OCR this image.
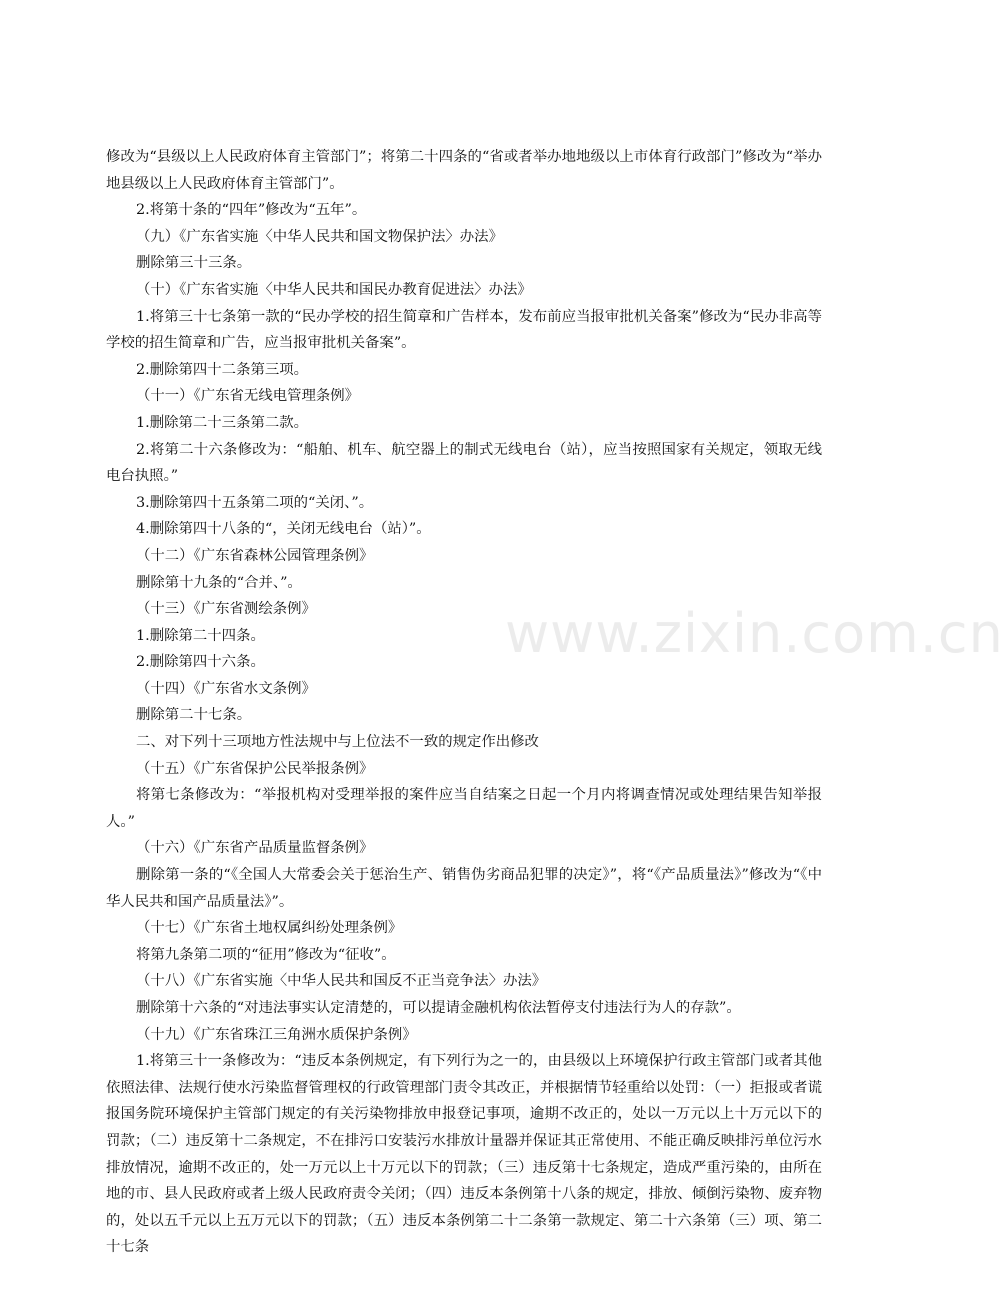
修改为“县级以上人民政府体育主管部门”；将第二十四条的“省或者举办地地级以上市体育行政部门”修改为“举办地县级以上人民政府体育主管部门”。

2.将第十条的“四年”修改为“五年”。

（九）《广东省实施〈中华人民共和国文物保护法〉办法》

删除第三十三条。

（十）《广东省实施〈中华人民共和国民办教育促进法〉办法》

1.将第三十七条第一款的“民办学校的招生简章和广告样本，发布前应当报审批机关备案”修改为“民办非高等学校的招生简章和广告，应当报审批机关备案”。

2.删除第四十二条第三项。

（十一）《广东省无线电管理条例》

1.删除第二十三条第二款。

2.将第二十六条修改为：“船舶、机车、航空器上的制式无线电台（站），应当按照国家有关规定，领取无线电台执照。”

3.删除第四十五条第二项的“关闭、”。

4.删除第四十八条的“，关闭无线电台（站）”。

（十二）《广东省森林公园管理条例》

删除第十九条的“合并、”。

（十三）《广东省测绘条例》

1.删除第二十四条。

2.删除第四十六条。

（十四）《广东省水文条例》

删除第二十七条。

二、对下列十三项地方性法规中与上位法不一致的规定作出修改

（十五）《广东省保护公民举报条例》

将第七条修改为：“举报机构对受理举报的案件应当自结案之日起一个月内将调查情况或处理结果告知举报人。”

（十六）《广东省产品质量监督条例》

删除第一条的“《全国人大常委会关于惩治生产、销售伪劣商品犯罪的决定》”，将“《产品质量法》”修改为“《中华人民共和国产品质量法》”。

（十七）《广东省土地权属纠纷处理条例》

将第九条第二项的“征用”修改为“征收”。

（十八）《广东省实施〈中华人民共和国反不正当竞争法〉办法》

删除第十六条的“对违法事实认定清楚的，可以提请金融机构依法暂停支付违法行为人的存款”。

（十九）《广东省珠江三角洲水质保护条例》

1.将第三十一条修改为：“违反本条例规定，有下列行为之一的，由县级以上环境保护行政主管部门或者其他依照法律、法规行使水污染监督管理权的行政管理部门责令其改正，并根据情节轻重给以处罚：（一）拒报或者谎报国务院环境保护主管部门规定的有关污染物排放申报登记事项，逾期不改正的，处以一万元以上十万元以下的罚款；（二）违反第十二条规定，不在排污口安装污水排放计量器并保证其正常使用、不能正确反映排污单位污水排放情况，逾期不改正的，处一万元以上十万元以下的罚款；（三）违反第十七条规定，造成严重污染的，由所在地的市、县人民政府或者上级人民政府责令关闭；（四）违反本条例第十八条的规定，排放、倾倒污染物、废弃物的，处以五千元以上五万元以下的罚款；（五）违反本条例第二十二条第一款规定、第二十六条第（三）项、第二十七条

www.zixin.com.cn
